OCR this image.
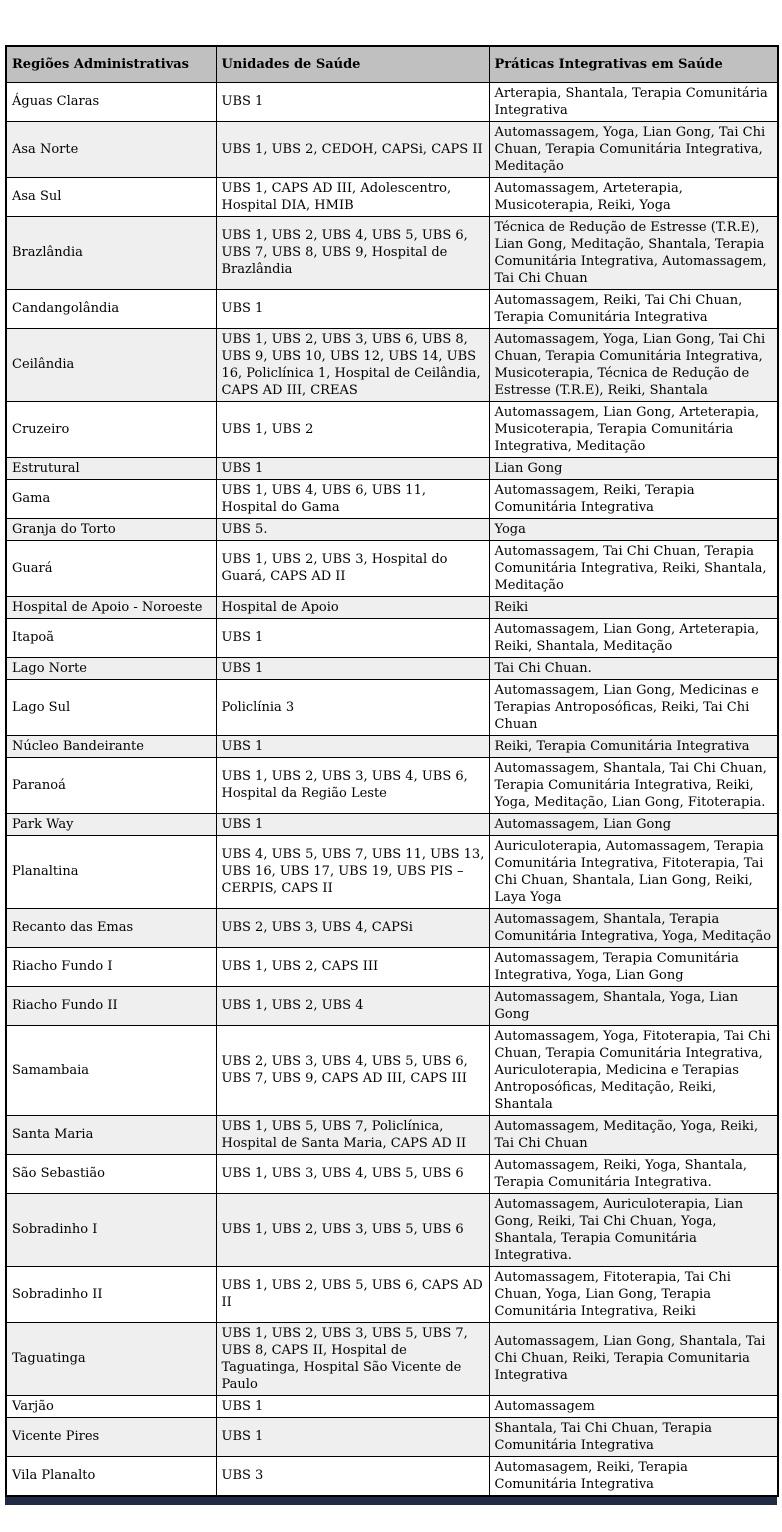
Regiões Administrativas	Unidades de Saúde	Práticas Integrativas em Saúde
Águas Claras	UBS 1	Arterapia, Shantala, Terapia Comunitária Integrativa
Asa Norte	UBS 1, UBS 2, CEDOH, CAPSi, CAPS II	Automassagem, Yoga, Lian Gong, Tai Chi Chuan, Terapia Comunitária Integrativa, Meditação
Asa Sul	UBS 1, CAPS AD III, Adolescentro, Hospital DIA, HMIB	Automassagem, Arteterapia, Musicoterapia, Reiki, Yoga
Brazlândia	UBS 1, UBS 2, UBS 4, UBS 5, UBS 6, UBS 7, UBS 8, UBS 9, Hospital de Brazlândia	Técnica de Redução de Estresse (T.R.E), Lian Gong, Meditação, Shantala, Terapia Comunitária Integrativa, Automassagem, Tai Chi Chuan
Candangolândia	UBS 1	Automassagem, Reiki, Tai Chi Chuan, Terapia Comunitária Integrativa
Ceilândia	UBS 1, UBS 2, UBS 3, UBS 6, UBS 8, UBS 9, UBS 10, UBS 12, UBS 14, UBS 16, Policlínica 1, Hospital de Ceilândia, CAPS AD III, CREAS	Automassagem, Yoga, Lian Gong, Tai Chi Chuan, Terapia Comunitária Integrativa, Musicoterapia, Técnica de Redução de Estresse (T.R.E), Reiki, Shantala
Cruzeiro	UBS 1, UBS 2	Automassagem, Lian Gong, Arteterapia, Musicoterapia, Terapia Comunitária Integrativa, Meditação
Estrutural	UBS 1	Lian Gong
Gama	UBS 1, UBS 4, UBS 6, UBS 11, Hospital do Gama	Automassagem, Reiki, Terapia Comunitária Integrativa
Granja do Torto	UBS 5.	Yoga
Guará	UBS 1, UBS 2, UBS 3, Hospital do Guará, CAPS AD II	Automassagem, Tai Chi Chuan, Terapia Comunitária Integrativa, Reiki, Shantala, Meditação
Hospital de Apoio - Noroeste	Hospital de Apoio	Reiki
Itapoã	UBS 1	Automassagem, Lian Gong, Arteterapia, Reiki, Shantala, Meditação
Lago Norte	UBS 1	Tai Chi Chuan.
Lago Sul	Policlínia 3	Automassagem, Lian Gong, Medicinas e Terapias Antroposóficas, Reiki, Tai Chi Chuan
Núcleo Bandeirante	UBS 1	Reiki, Terapia Comunitária Integrativa
Paranoá	UBS 1, UBS 2, UBS 3, UBS 4, UBS 6, Hospital da Região Leste	Automassagem, Shantala, Tai Chi Chuan, Terapia Comunitária Integrativa, Reiki, Yoga, Meditação, Lian Gong, Fitoterapia.
Park Way	UBS 1	Automassagem, Lian Gong
Planaltina	UBS 4, UBS 5, UBS 7, UBS 11, UBS 13, UBS 16, UBS 17, UBS 19, UBS PIS – CERPIS, CAPS II	Auriculoterapia, Automassagem, Terapia Comunitária Integrativa, Fitoterapia, Tai Chi Chuan, Shantala, Lian Gong, Reiki, Laya Yoga
Recanto das Emas	UBS 2, UBS 3, UBS 4, CAPSi	Automassagem, Shantala, Terapia Comunitária Integrativa, Yoga, Meditação
Riacho Fundo I	UBS 1, UBS 2, CAPS III	Automassagem, Terapia Comunitária Integrativa, Yoga, Lian Gong
Riacho Fundo II	UBS 1, UBS 2, UBS 4	Automassagem, Shantala, Yoga, Lian Gong
Samambaia	UBS 2, UBS 3, UBS 4, UBS 5, UBS 6, UBS 7, UBS 9, CAPS AD III, CAPS III	Automassagem, Yoga, Fitoterapia, Tai Chi Chuan, Terapia Comunitária Integrativa, Auriculoterapia, Medicina e Terapias Antroposóficas, Meditação, Reiki, Shantala
Santa Maria	UBS 1, UBS 5, UBS 7, Policlínica, Hospital de Santa Maria, CAPS AD II	Automassagem, Meditação, Yoga, Reiki, Tai Chi Chuan
São Sebastião	UBS 1, UBS 3, UBS 4, UBS 5, UBS 6	Automassagem, Reiki, Yoga, Shantala, Terapia Comunitária Integrativa.
Sobradinho I	UBS 1, UBS 2, UBS 3, UBS 5, UBS 6	Automassagem, Auriculoterapia, Lian Gong, Reiki, Tai Chi Chuan, Yoga, Shantala, Terapia Comunitária Integrativa.
Sobradinho II	UBS 1, UBS 2, UBS 5, UBS 6, CAPS AD II	Automassagem, Fitoterapia, Tai Chi Chuan, Yoga, Lian Gong, Terapia Comunitária Integrativa, Reiki
Taguatinga	UBS 1, UBS 2, UBS 3, UBS 5, UBS 7, UBS 8, CAPS II, Hospital de Taguatinga, Hospital São Vicente de Paulo	Automassagem, Lian Gong, Shantala, Tai Chi Chuan, Reiki, Terapia Comunitaria Integrativa
Varjão	UBS 1	Automassagem
Vicente Pires	UBS 1	Shantala, Tai Chi Chuan, Terapia Comunitária Integrativa
Vila Planalto	UBS 3	Automasagem, Reiki, Terapia Comunitária Integrativa
